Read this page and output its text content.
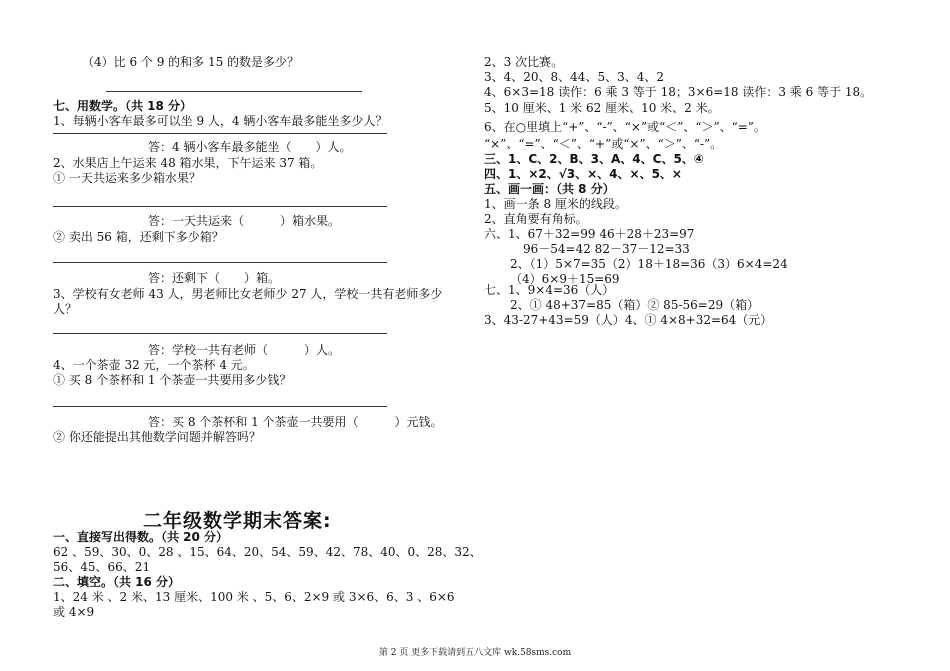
（4）比 6 个 9 的和多 15 的数是多少？
七、用数学。（共 18 分）
1、每辆小客车最多可以坐 9 人，4 辆小客车最多能坐多少人？
答：4 辆小客车最多能坐（　　）人。
2、水果店上午运来 48 箱水果，下午运来 37 箱。
① 一天共运来多少箱水果？
答：一天共运来（　　　）箱水果。
② 卖出 56 箱，还剩下多少箱？
答：还剩下（　　）箱。
3、学校有女老师 43 人，男老师比女老师少 27 人，学校一共有老师多少
人？
答：学校一共有老师（　　　）人。
4、一个茶壶 32 元，一个茶杯 4 元。
① 买 8 个茶杯和 1 个茶壶一共要用多少钱？
答：买 8 个茶杯和 1 个茶壶一共要用（　　　）元钱。
② 你还能提出其他数学问题并解答吗？
二年级数学期末答案:
一、直接写出得数。（共 20 分）
62 、59、30、0、28 、15、64、20、54、59、42、78、40、0、28、32、
56、45、66、21
二、填空。（共 16 分）
1、24 米 、2 米、13 厘米、100 米 、5、6、2×9 或 3×6、6、3 、6×6
或 4×9
2、3 次比赛。
3、4、20、8、44、5、3、4、2
4、6×3=18 读作：6 乘 3 等于 18；3×6=18 读作：3 乘 6 等于 18。
5、10 厘米、1 米 62 厘米、10 米、2 米。
6、在○里填上“+”、“-”、“×”或“＜”、“＞”、“=”。
“×”、“=”、“＜”、“+”或“×”、“＞”、“-”。
三、1、C、2、B、3、A、4、C、5、④
四、1、×2、√3、×、4、×、5、×
五、画一画：（共 8 分）
1、画一条 8 厘米的线段。
2、直角要有角标。
六、1、67＋32=99 46＋28＋23=97
96－54=42 82－37－12=33
2、（1）5×7=35（2）18＋18=36（3）6×4=24
（4）6×9＋15=69
七、1、9×4=36（人）
2、① 48+37=85（箱）② 85-56=29（箱）
3、43-27+43=59（人）4、① 4×8+32=64（元）
第 2 页 更多下载请到五八文库 wk.58sms.com
